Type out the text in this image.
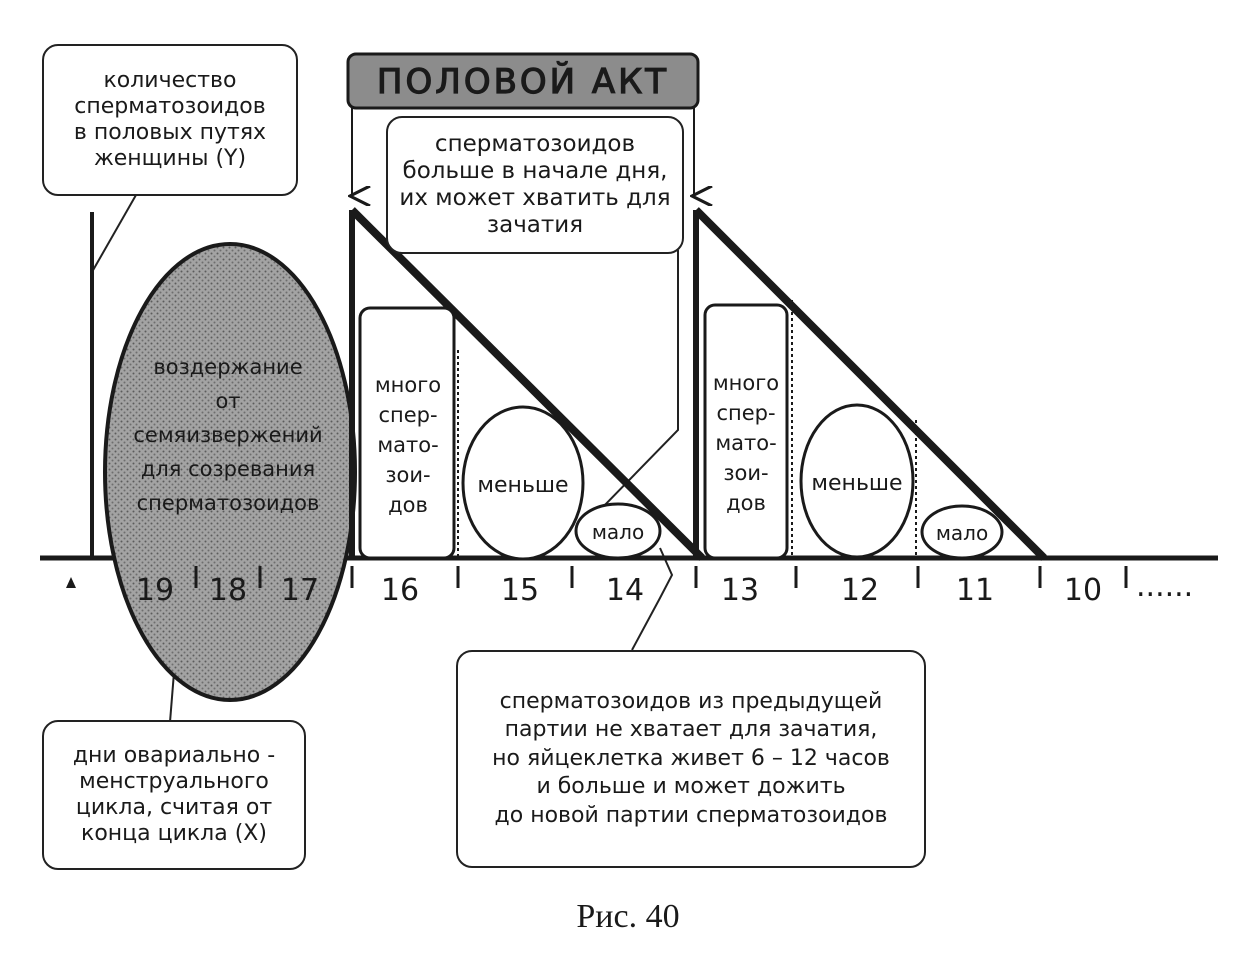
19 18 17 16	15 14	13	12	11 10 ......
ПОЛОВОЙ АКТ
воздержание
от
семяизвержений
для созревания
сперматозоидов
много
спер-
мато-
зои-
дов
меньше
мало
много
спер-
мато-
зои-
дов
меньше
мало
количество
сперматозоидов
в половых путях
женщины (Y)
сперматозоидов
больше в начале дня,
их может хватить для
зачатия
дни овариально -
менструального
цикла, считая от
конца цикла (X)
сперматозоидов из предыдущей
партии не хватает для зачатия,
но яйцеклетка живет 6 – 12 часов
и больше и может дожить
до новой партии сперматозоидов
Рис. 40
